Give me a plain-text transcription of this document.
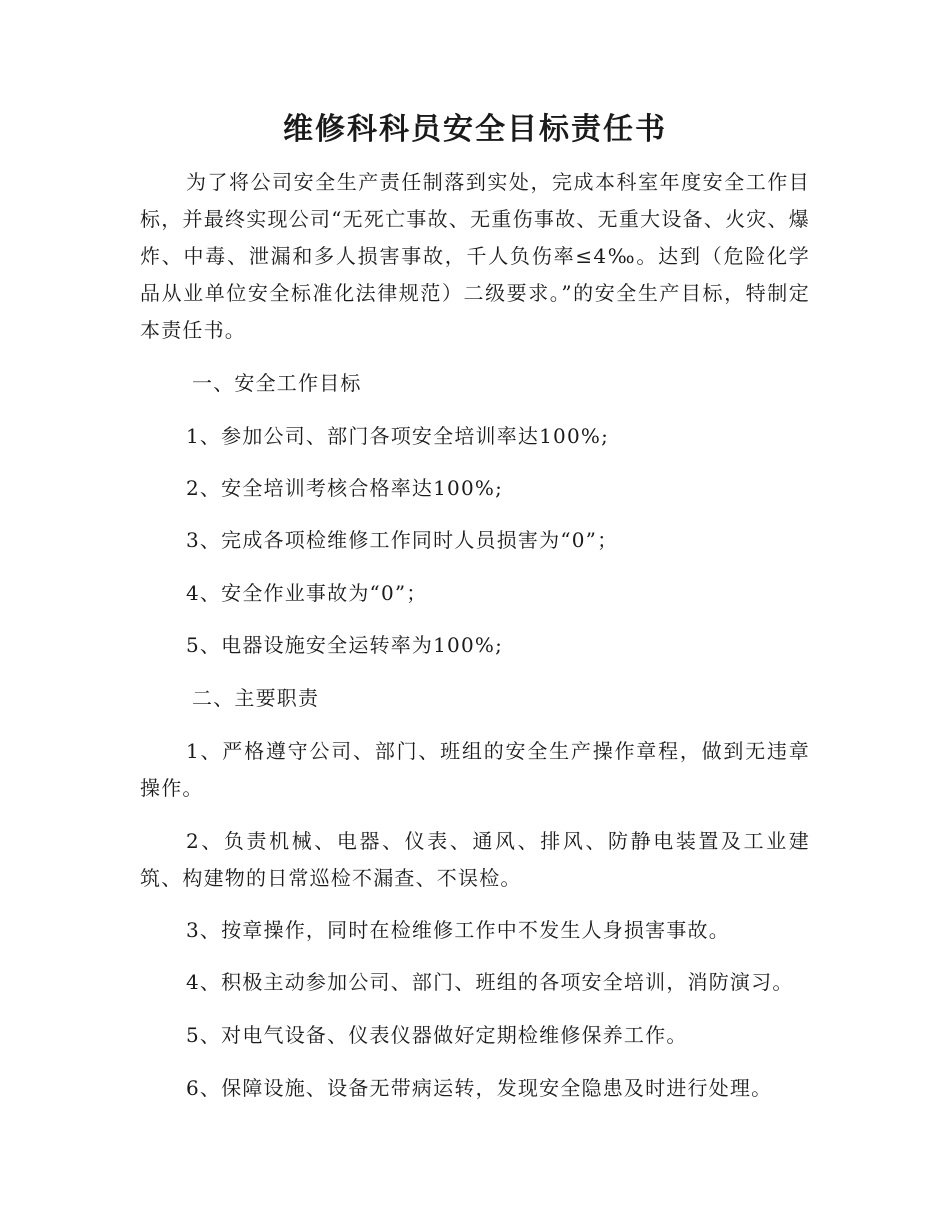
维修科科员安全目标责任书

为了将公司安全生产责任制落到实处，完成本科室年度安全工作目标，并最终实现公司“无死亡事故、无重伤事故、无重大设备、火灾、爆炸、中毒、泄漏和多人损害事故，千人负伤率≤4‰。达到（危险化学品从业单位安全标准化法律规范）二级要求。”的安全生产目标，特制定本责任书。

一、安全工作目标

1、参加公司、部门各项安全培训率达100%;

2、安全培训考核合格率达100%;

3、完成各项检维修工作同时人员损害为“0”；

4、安全作业事故为“0”；

5、电器设施安全运转率为100%;

二、主要职责

1、严格遵守公司、部门、班组的安全生产操作章程，做到无违章操作。

2、负责机械、电器、仪表、通风、排风、防静电装置及工业建筑、构建物的日常巡检不漏查、不误检。

3、按章操作，同时在检维修工作中不发生人身损害事故。

4、积极主动参加公司、部门、班组的各项安全培训，消防演习。

5、对电气设备、仪表仪器做好定期检维修保养工作。

6、保障设施、设备无带病运转，发现安全隐患及时进行处理。
